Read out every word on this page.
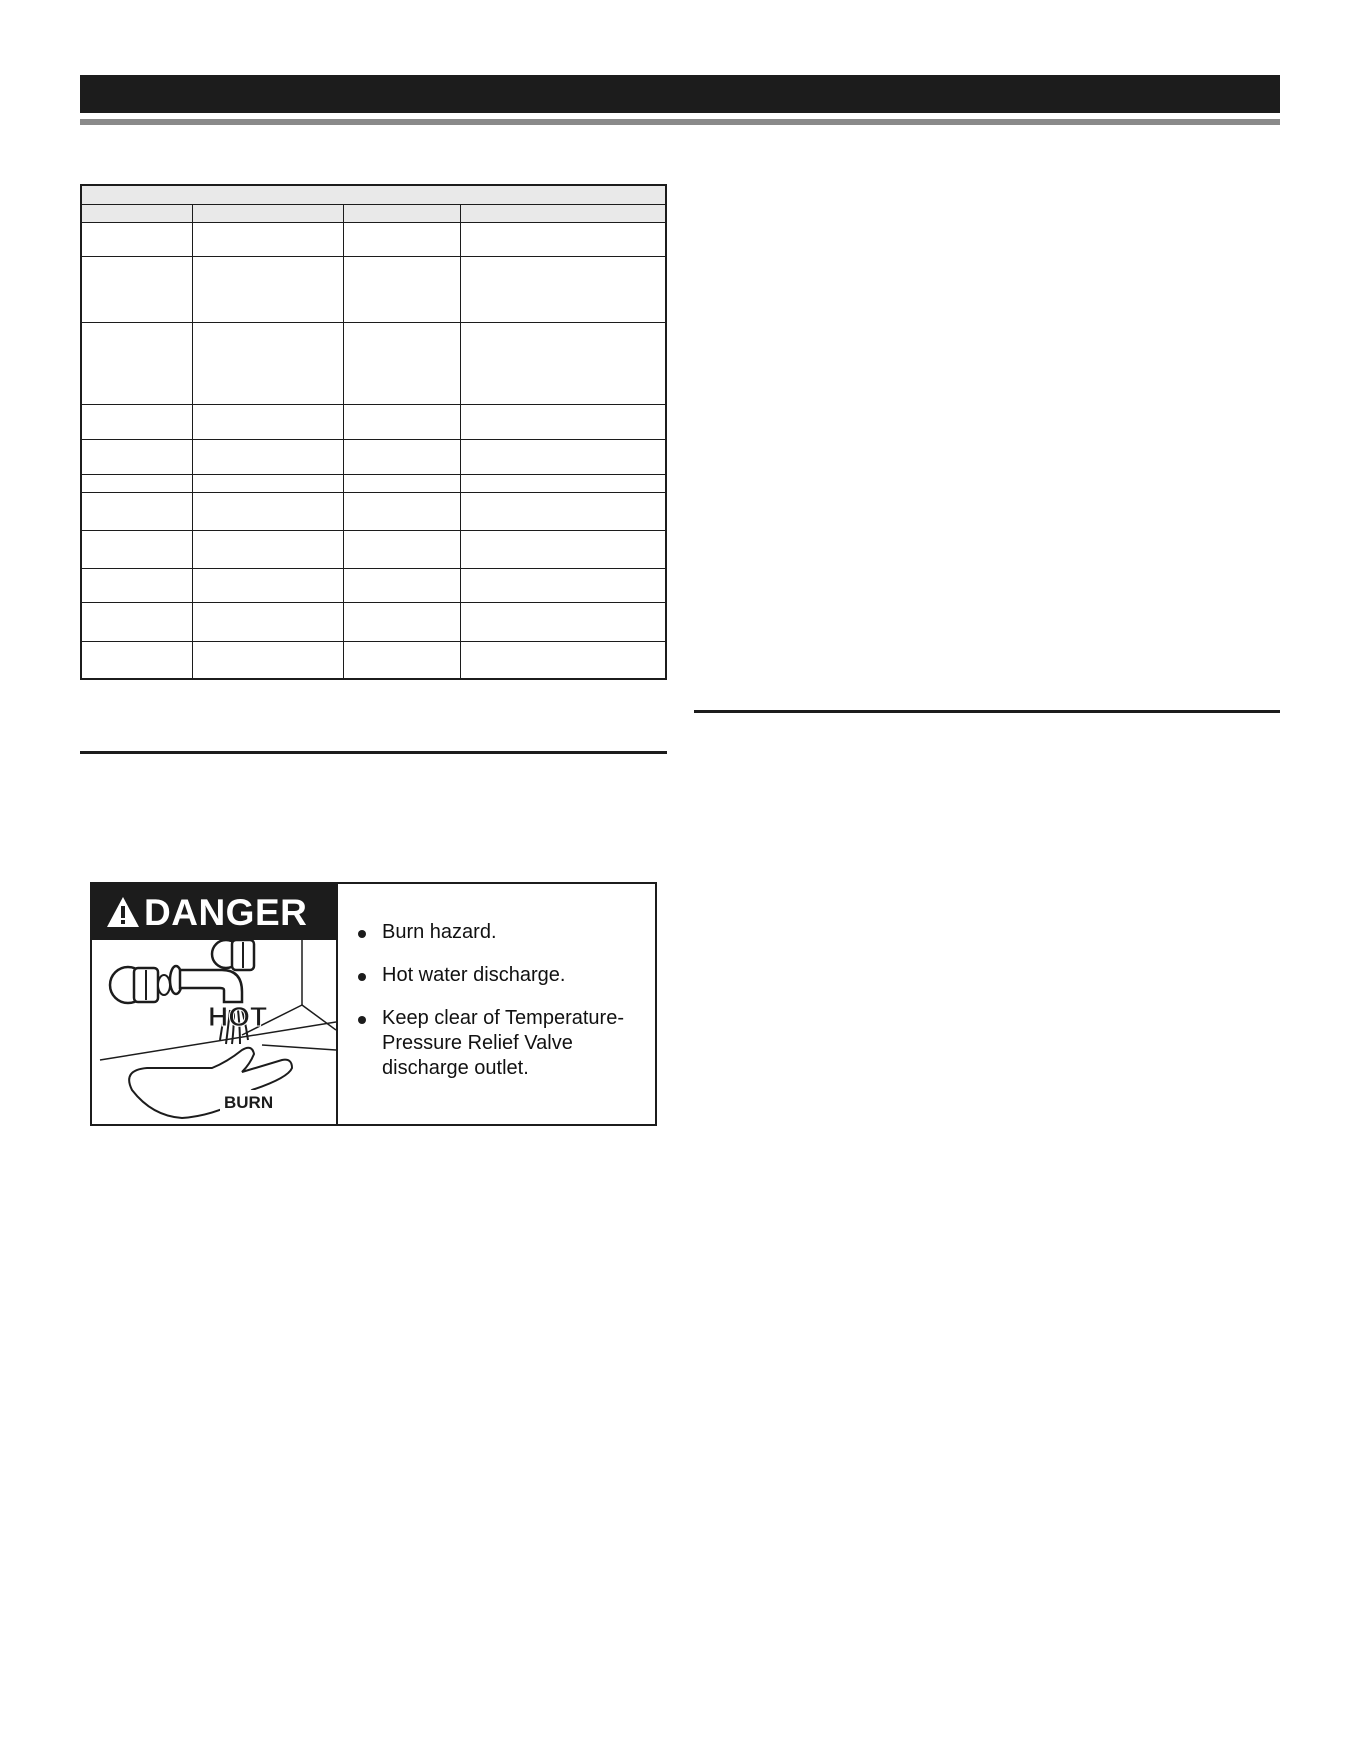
DANGER
HOT
BURN
Burn hazard.
Hot water discharge.
Keep clear of Temperature-Pressure Relief Valve discharge outlet.
